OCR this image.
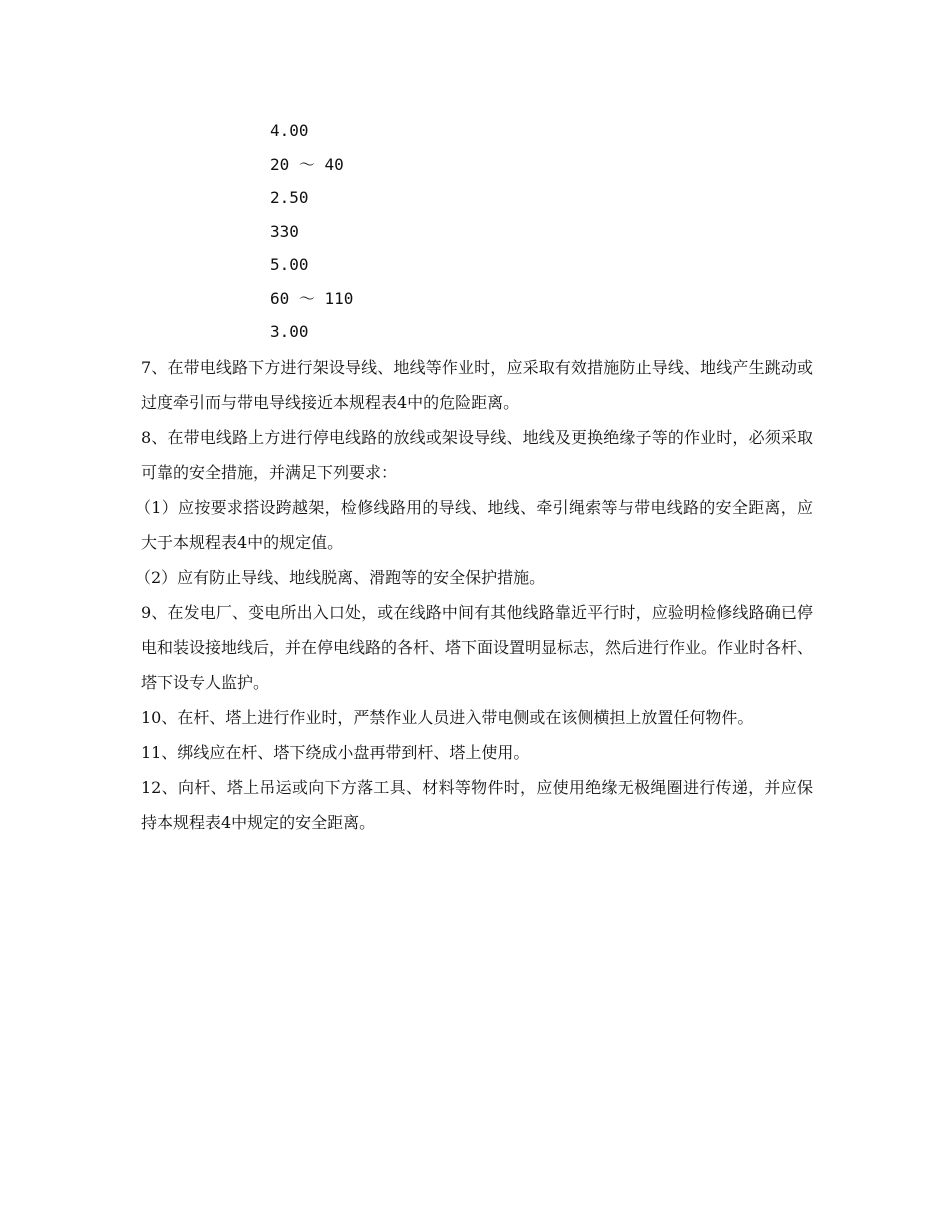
4.00
20 ～ 40
2.50
330
5.00
60 ～ 110
3.00

7、在带电线路下方进行架设导线、地线等作业时，应采取有效措施防止导线、地线产生跳动或过度牵引而与带电导线接近本规程表4中的危险距离。

8、在带电线路上方进行停电线路的放线或架设导线、地线及更换绝缘子等的作业时，必须采取可靠的安全措施，并满足下列要求：

（1）应按要求搭设跨越架，检修线路用的导线、地线、牵引绳索等与带电线路的安全距离，应大于本规程表4中的规定值。

（2）应有防止导线、地线脱离、滑跑等的安全保护措施。

9、在发电厂、变电所出入口处，或在线路中间有其他线路靠近平行时，应验明检修线路确已停电和装设接地线后，并在停电线路的各杆、塔下面设置明显标志，然后进行作业。作业时各杆、塔下设专人监护。

10、在杆、塔上进行作业时，严禁作业人员进入带电侧或在该侧横担上放置任何物件。

11、绑线应在杆、塔下绕成小盘再带到杆、塔上使用。

12、向杆、塔上吊运或向下方落工具、材料等物件时，应使用绝缘无极绳圈进行传递，并应保持本规程表4中规定的安全距离。
